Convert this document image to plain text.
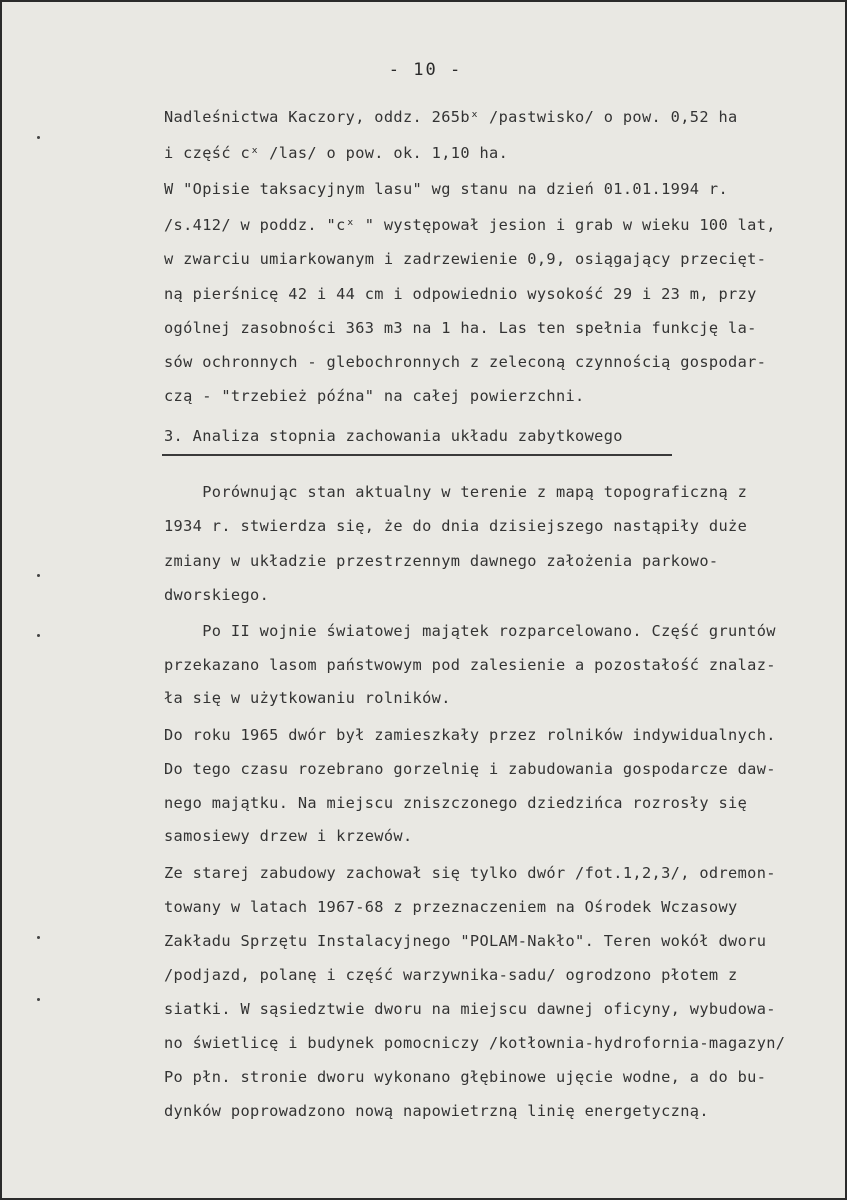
- 10 -
Nadleśnictwa Kaczory, oddz. 265bˣ /pastwisko/ o pow. 0,52 ha
i część cˣ /las/ o pow. ok. 1,10 ha.
W "Opisie taksacyjnym lasu" wg stanu na dzień 01.01.1994 r.
/s.412/ w poddz. "cˣ " występował jesion i grab w wieku 100 lat,
w zwarciu umiarkowanym i zadrzewienie 0,9, osiągający przecięt-
ną pierśnicę 42 i 44 cm i odpowiednio wysokość 29 i 23 m, przy
ogólnej zasobności 363 m3 na 1 ha. Las ten spełnia funkcję la-
sów ochronnych - glebochronnych z zeleconą czynnością gospodar-
czą - "trzebież późna" na całej powierzchni.
3. Analiza stopnia zachowania układu zabytkowego
Porównując stan aktualny w terenie z mapą topograficzną z
1934 r. stwierdza się, że do dnia dzisiejszego nastąpiły duże
zmiany w układzie przestrzennym dawnego założenia parkowo-
dworskiego.
Po II wojnie światowej majątek rozparcelowano. Część gruntów
przekazano lasom państwowym pod zalesienie a pozostałość znalaz-
ła się w użytkowaniu rolników.
Do roku 1965 dwór był zamieszkały przez rolników indywidualnych.
Do tego czasu rozebrano gorzelnię i zabudowania gospodarcze daw-
nego majątku. Na miejscu zniszczonego dziedzińca rozrosły się
samosiewy drzew i krzewów.
Ze starej zabudowy zachował się tylko dwór /fot.1,2,3/, odremon-
towany w latach 1967-68 z przeznaczeniem na Ośrodek Wczasowy
Zakładu Sprzętu Instalacyjnego "POLAM-Nakło". Teren wokół dworu
/podjazd, polanę i część warzywnika-sadu/ ogrodzono płotem z
siatki. W sąsiedztwie dworu na miejscu dawnej oficyny, wybudowa-
no świetlicę i budynek pomocniczy /kotłownia-hydrofornia-magazyn/
Po płn. stronie dworu wykonano głębinowe ujęcie wodne, a do bu-
dynków poprowadzono nową napowietrzną linię energetyczną.
